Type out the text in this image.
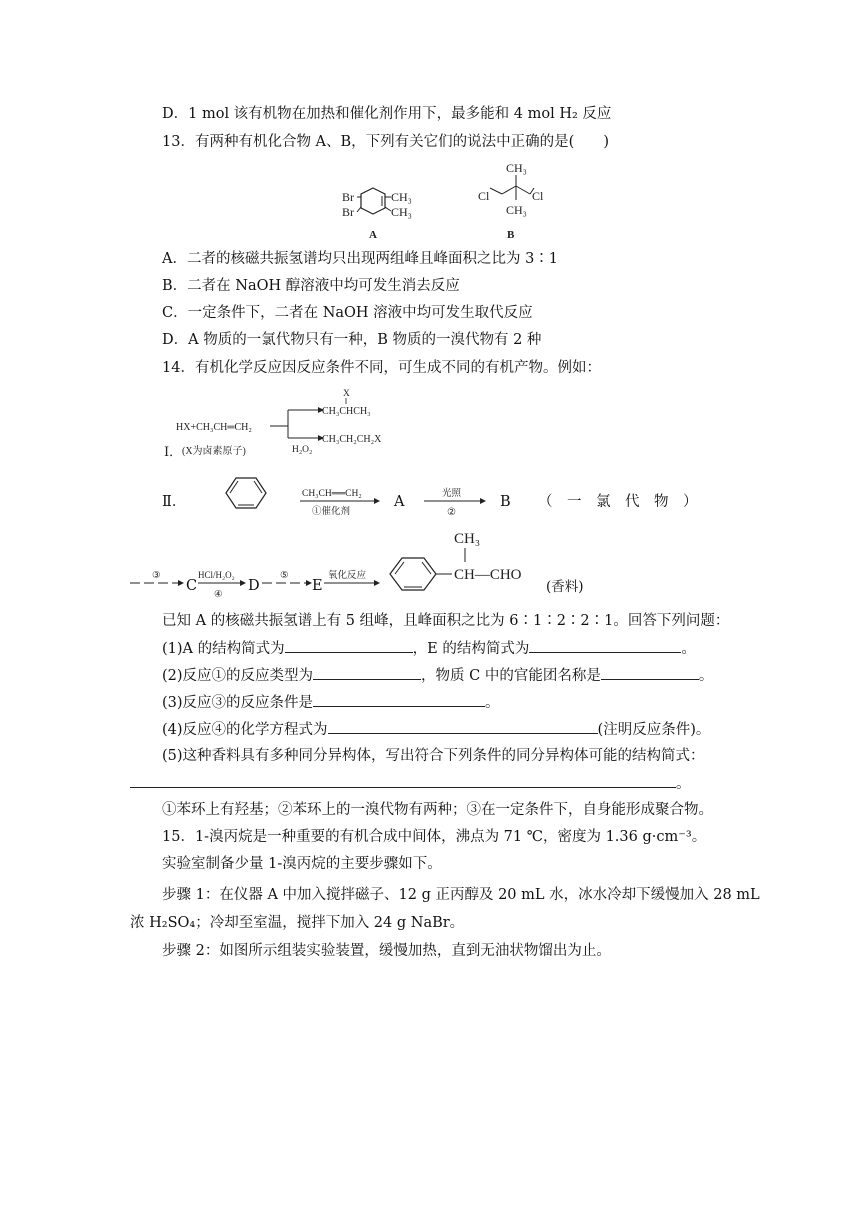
D．1 mol 该有机物在加热和催化剂作用下，最多能和 4 mol H₂ 反应
13．有两种有机化合物 A、B，下列有关它们的说法中正确的是(　　)
Br
Br
CH₃
CH₃
A
CH₃
Cl	Cl
CH₃
B
A．二者的核磁共振氢谱均只出现两组峰且峰面积之比为 3∶1
B．二者在 NaOH 醇溶液中均可发生消去反应
C．一定条件下，二者在 NaOH 溶液中均可发生取代反应
D．A 物质的一氯代物只有一种，B 物质的一溴代物有 2 种
14．有机化学反应因反应条件不同，可生成不同的有机产物。例如：
Ⅰ．
HX+CH₃CH═CH₂
(X为卤素原子)
X
CH₃CHCH₃
CH₃CH₂CH₂X
H₂O₂
Ⅱ．	CH₃CH══CH₂
①催化剂
A	光照
②
B （　一　氯　代　物　）
③
C
HCl/H₂O₂
④
D
⑤
E
氧化反应
CH₃
CH—CHO
(香料)
已知 A 的核磁共振氢谱上有 5 组峰，且峰面积之比为 6∶1∶2∶2∶1。回答下列问题：
(1)A 的结构简式为	，E 的结构简式为	。
(2)反应①的反应类型为	，物质 C 中的官能团名称是	。
(3)反应③的反应条件是	。
(4)反应④的化学方程式为	(注明反应条件)。
(5)这种香料具有多种同分异构体，写出符合下列条件的同分异构体可能的结构简式：
。
①苯环上有羟基；②苯环上的一溴代物有两种；③在一定条件下，自身能形成聚合物。
15．1-溴丙烷是一种重要的有机合成中间体，沸点为 71 ℃，密度为 1.36 g·cm⁻³。
实验室制备少量 1-溴丙烷的主要步骤如下。
步骤 1：在仪器 A 中加入搅拌磁子、12 g 正丙醇及 20 mL 水，冰水冷却下缓慢加入 28 mL
浓 H₂SO₄；冷却至室温，搅拌下加入 24 g NaBr。
步骤 2：如图所示组装实验装置，缓慢加热，直到无油状物馏出为止。
